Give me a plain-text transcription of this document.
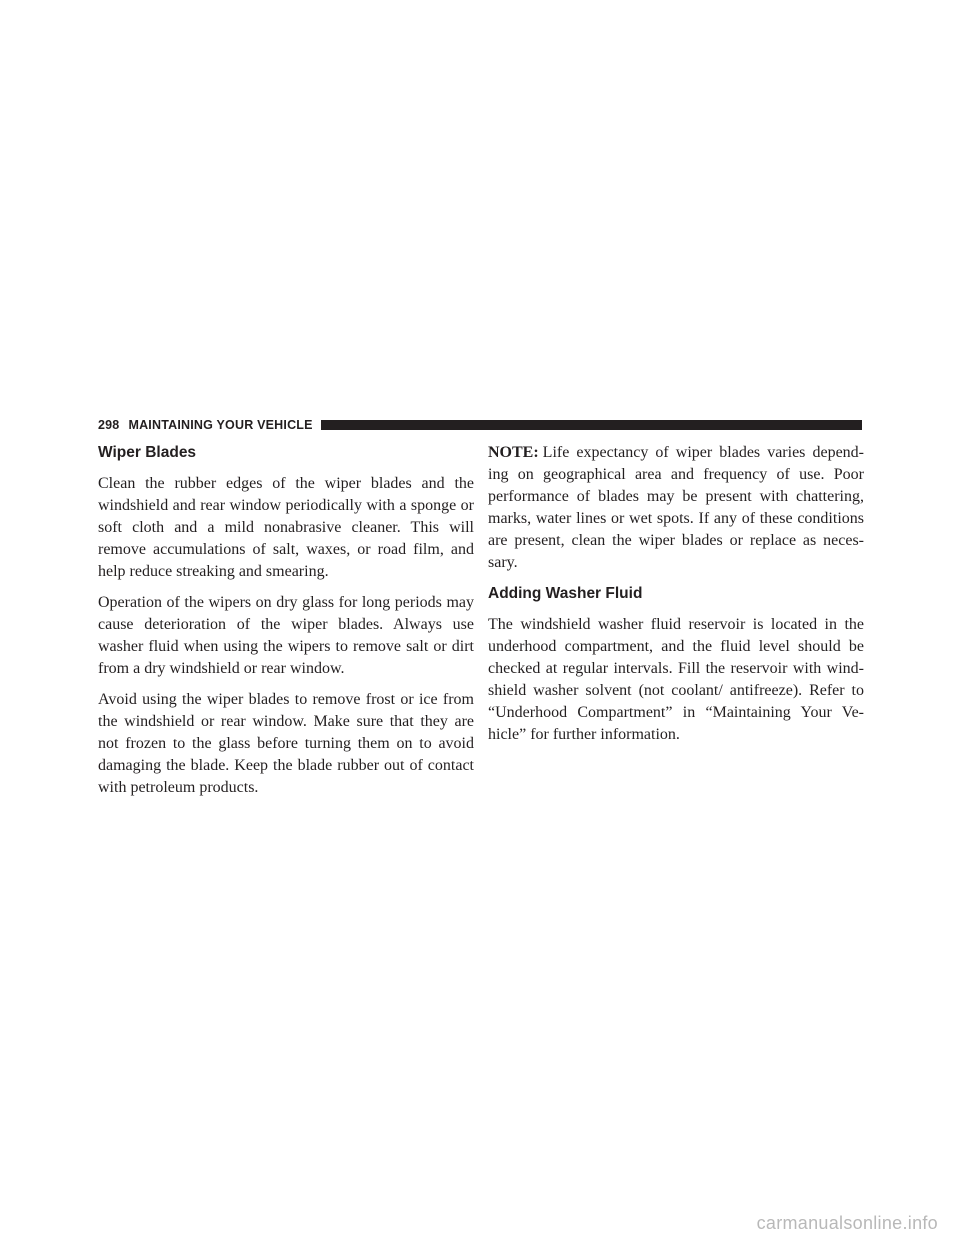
298 MAINTAINING YOUR VEHICLE
Wiper Blades

Clean the rubber edges of the wiper blades and the windshield and rear window periodically with a sponge or soft cloth and a mild nonabrasive cleaner. This will remove accumulations of salt, waxes, or road film, and help reduce streaking and smearing.

Operation of the wipers on dry glass for long periods may cause deterioration of the wiper blades. Always use washer fluid when using the wipers to remove salt or dirt from a dry windshield or rear window.

Avoid using the wiper blades to remove frost or ice from the windshield or rear window. Make sure that they are not frozen to the glass before turning them on to avoid damaging the blade. Keep the blade rubber out of contact with petroleum products.

NOTE: Life expectancy of wiper blades varies depend-ing on geographical area and frequency of use. Poor performance of blades may be present with chattering, marks, water lines or wet spots. If any of these conditions are present, clean the wiper blades or replace as neces-sary.

Adding Washer Fluid

The windshield washer fluid reservoir is located in the underhood compartment, and the fluid level should be checked at regular intervals. Fill the reservoir with wind-shield washer solvent (not coolant/ antifreeze). Refer to “Underhood Compartment” in “Maintaining Your Ve-hicle” for further information.

carmanualsonline.info
